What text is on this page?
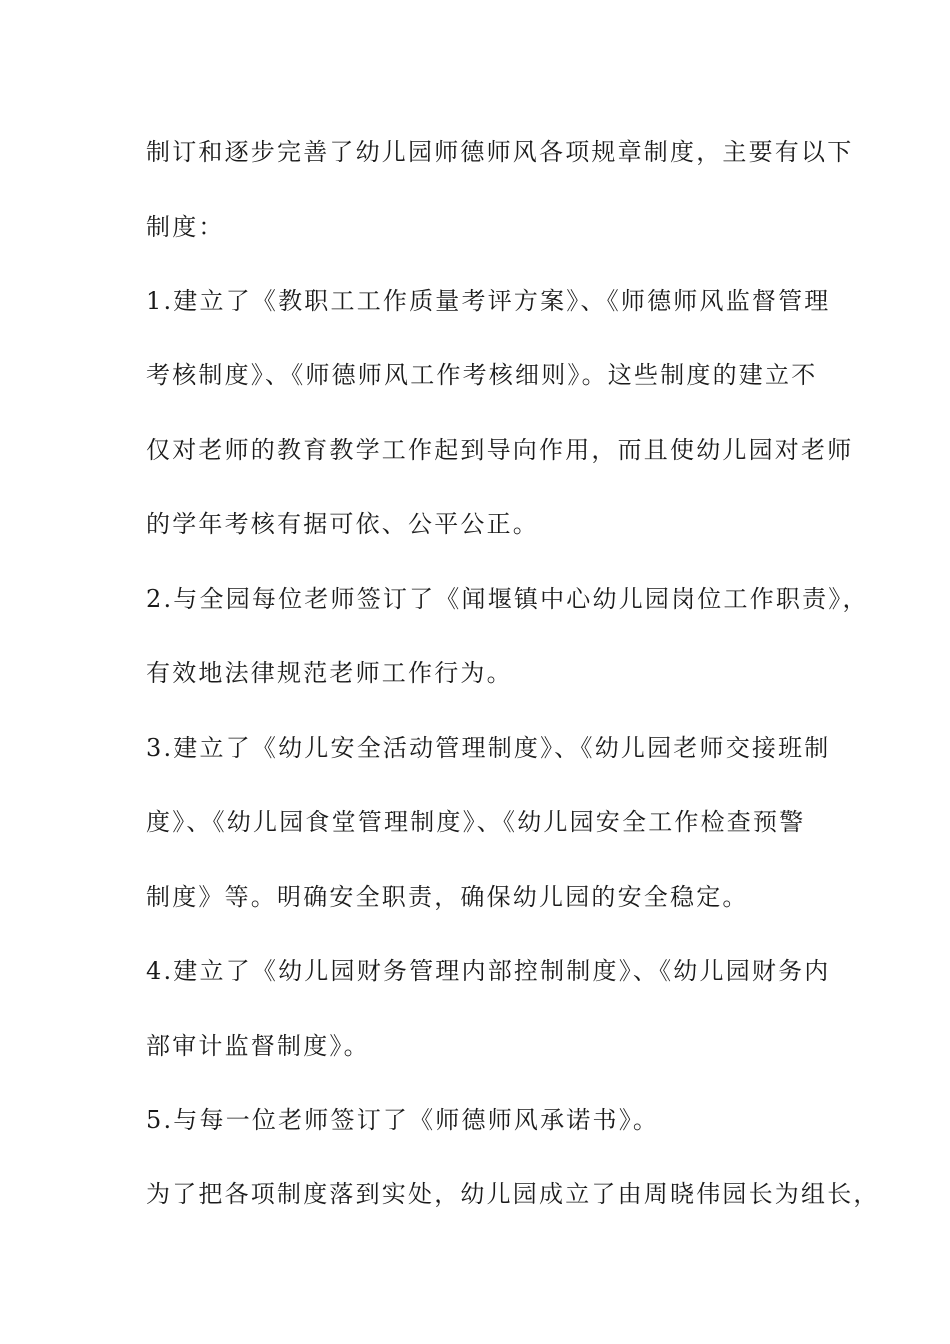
制订和逐步完善了幼儿园师德师风各项规章制度，主要有以下
制度：
1.建立了《教职工工作质量考评方案》、《师德师风监督管理
考核制度》、《师德师风工作考核细则》。这些制度的建立不
仅对老师的教育教学工作起到导向作用，而且使幼儿园对老师
的学年考核有据可依、公平公正。
2.与全园每位老师签订了《闻堰镇中心幼儿园岗位工作职责》，
有效地法律规范老师工作行为。
3.建立了《幼儿安全活动管理制度》、《幼儿园老师交接班制
度》、《幼儿园食堂管理制度》、《幼儿园安全工作检查预警
制度》等。明确安全职责，确保幼儿园的安全稳定。
4.建立了《幼儿园财务管理内部控制制度》、《幼儿园财务内
部审计监督制度》。
5.与每一位老师签订了《师德师风承诺书》。
为了把各项制度落到实处，幼儿园成立了由周晓伟园长为组长，
